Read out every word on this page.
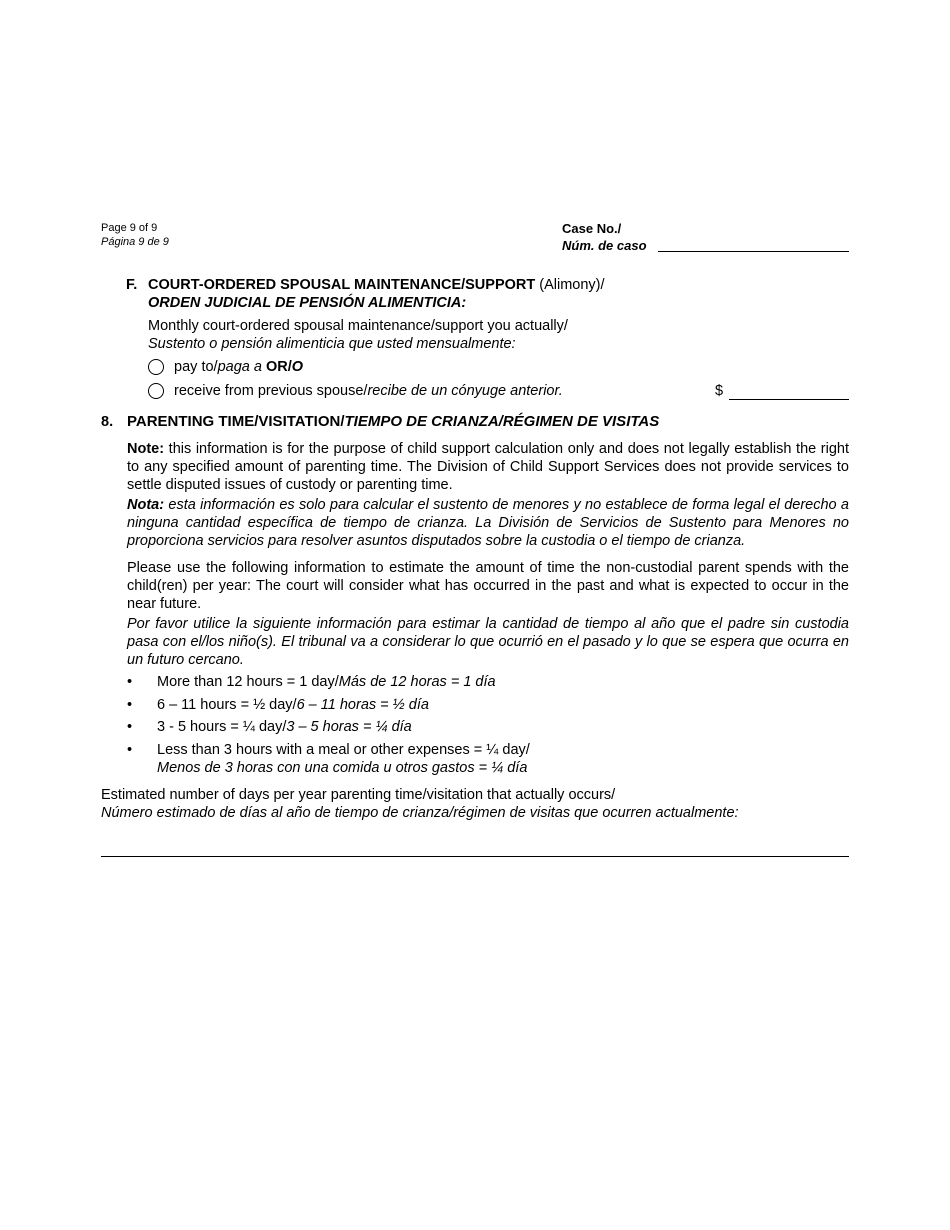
Page 9 of 9
Página 9 de 9
Case No./
Núm. de caso
F. COURT-ORDERED SPOUSAL MAINTENANCE/SUPPORT (Alimony)/
ORDEN JUDICIAL DE PENSIÓN ALIMENTICIA:
Monthly court-ordered spousal maintenance/support you actually/
Sustento o pensión alimenticia que usted mensualmente:
pay to/paga a OR/O
receive from previous spouse/recibe de un cónyuge anterior.	$
8. PARENTING TIME/VISITATION/TIEMPO DE CRIANZA/RÉGIMEN DE VISITAS
Note: this information is for the purpose of child support calculation only and does not legally establish the right to any specified amount of parenting time. The Division of Child Support Services does not provide services to settle disputed issues of custody or parenting time.
Nota: esta información es solo para calcular el sustento de menores y no establece de forma legal el derecho a ninguna cantidad específica de tiempo de crianza. La División de Servicios de Sustento para Menores no proporciona servicios para resolver asuntos disputados sobre la custodia o el tiempo de crianza.
Please use the following information to estimate the amount of time the non-custodial parent spends with the child(ren) per year: The court will consider what has occurred in the past and what is expected to occur in the near future.
Por favor utilice la siguiente información para estimar la cantidad de tiempo al año que el padre sin custodia pasa con el/los niño(s). El tribunal va a considerar lo que ocurrió en el pasado y lo que se espera que ocurra en un futuro cercano.
• More than 12 hours = 1 day/Más de 12 horas = 1 día
• 6 – 11 hours = ½ day/6 – 11 horas = ½ día
• 3 - 5 hours = ¼ day/3 – 5 horas = ¼ día
• Less than 3 hours with a meal or other expenses = ¼ day/
Menos de 3 horas con una comida u otros gastos = ¼ día
Estimated number of days per year parenting time/visitation that actually occurs/
Número estimado de días al año de tiempo de crianza/régimen de visitas que ocurren actualmente:
